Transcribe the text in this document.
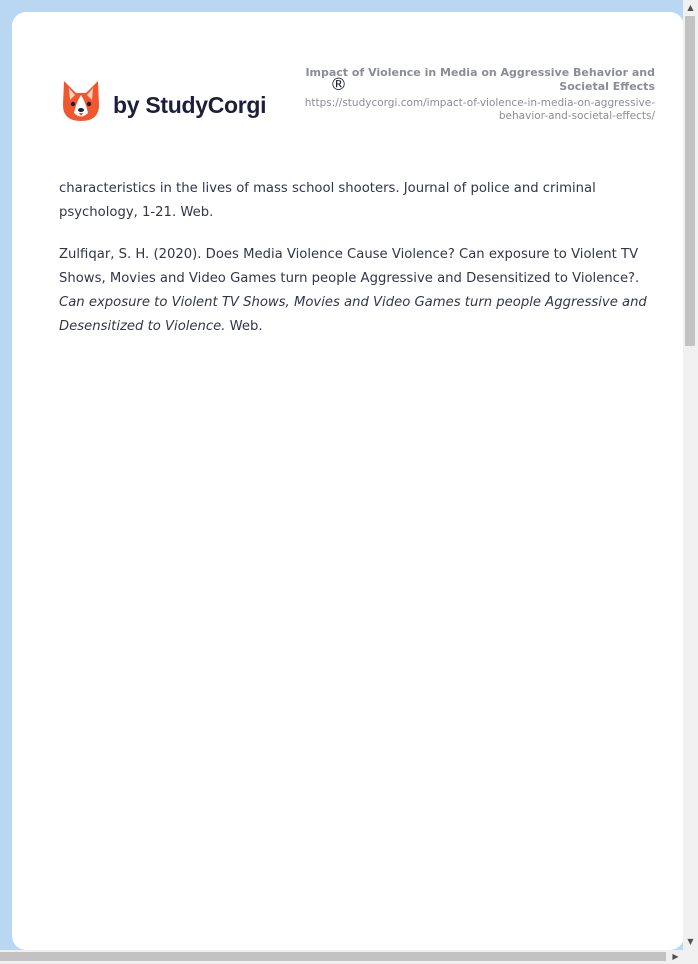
by StudyCorgi
®
Impact of Violence in Media on Aggressive Behavior and Societal Effects
https://studycorgi.com/impact-of-violence-in-media-on-aggressive-behavior-and-societal-effects/

characteristics in the lives of mass school shooters. Journal of police and criminal psychology, 1-21. Web.

Zulfiqar, S. H. (2020). Does Media Violence Cause Violence? Can exposure to Violent TV Shows, Movies and Video Games turn people Aggressive and Desensitized to Violence?. Can exposure to Violent TV Shows, Movies and Video Games turn people Aggressive and Desensitized to Violence. Web.

▲
▼
▶
